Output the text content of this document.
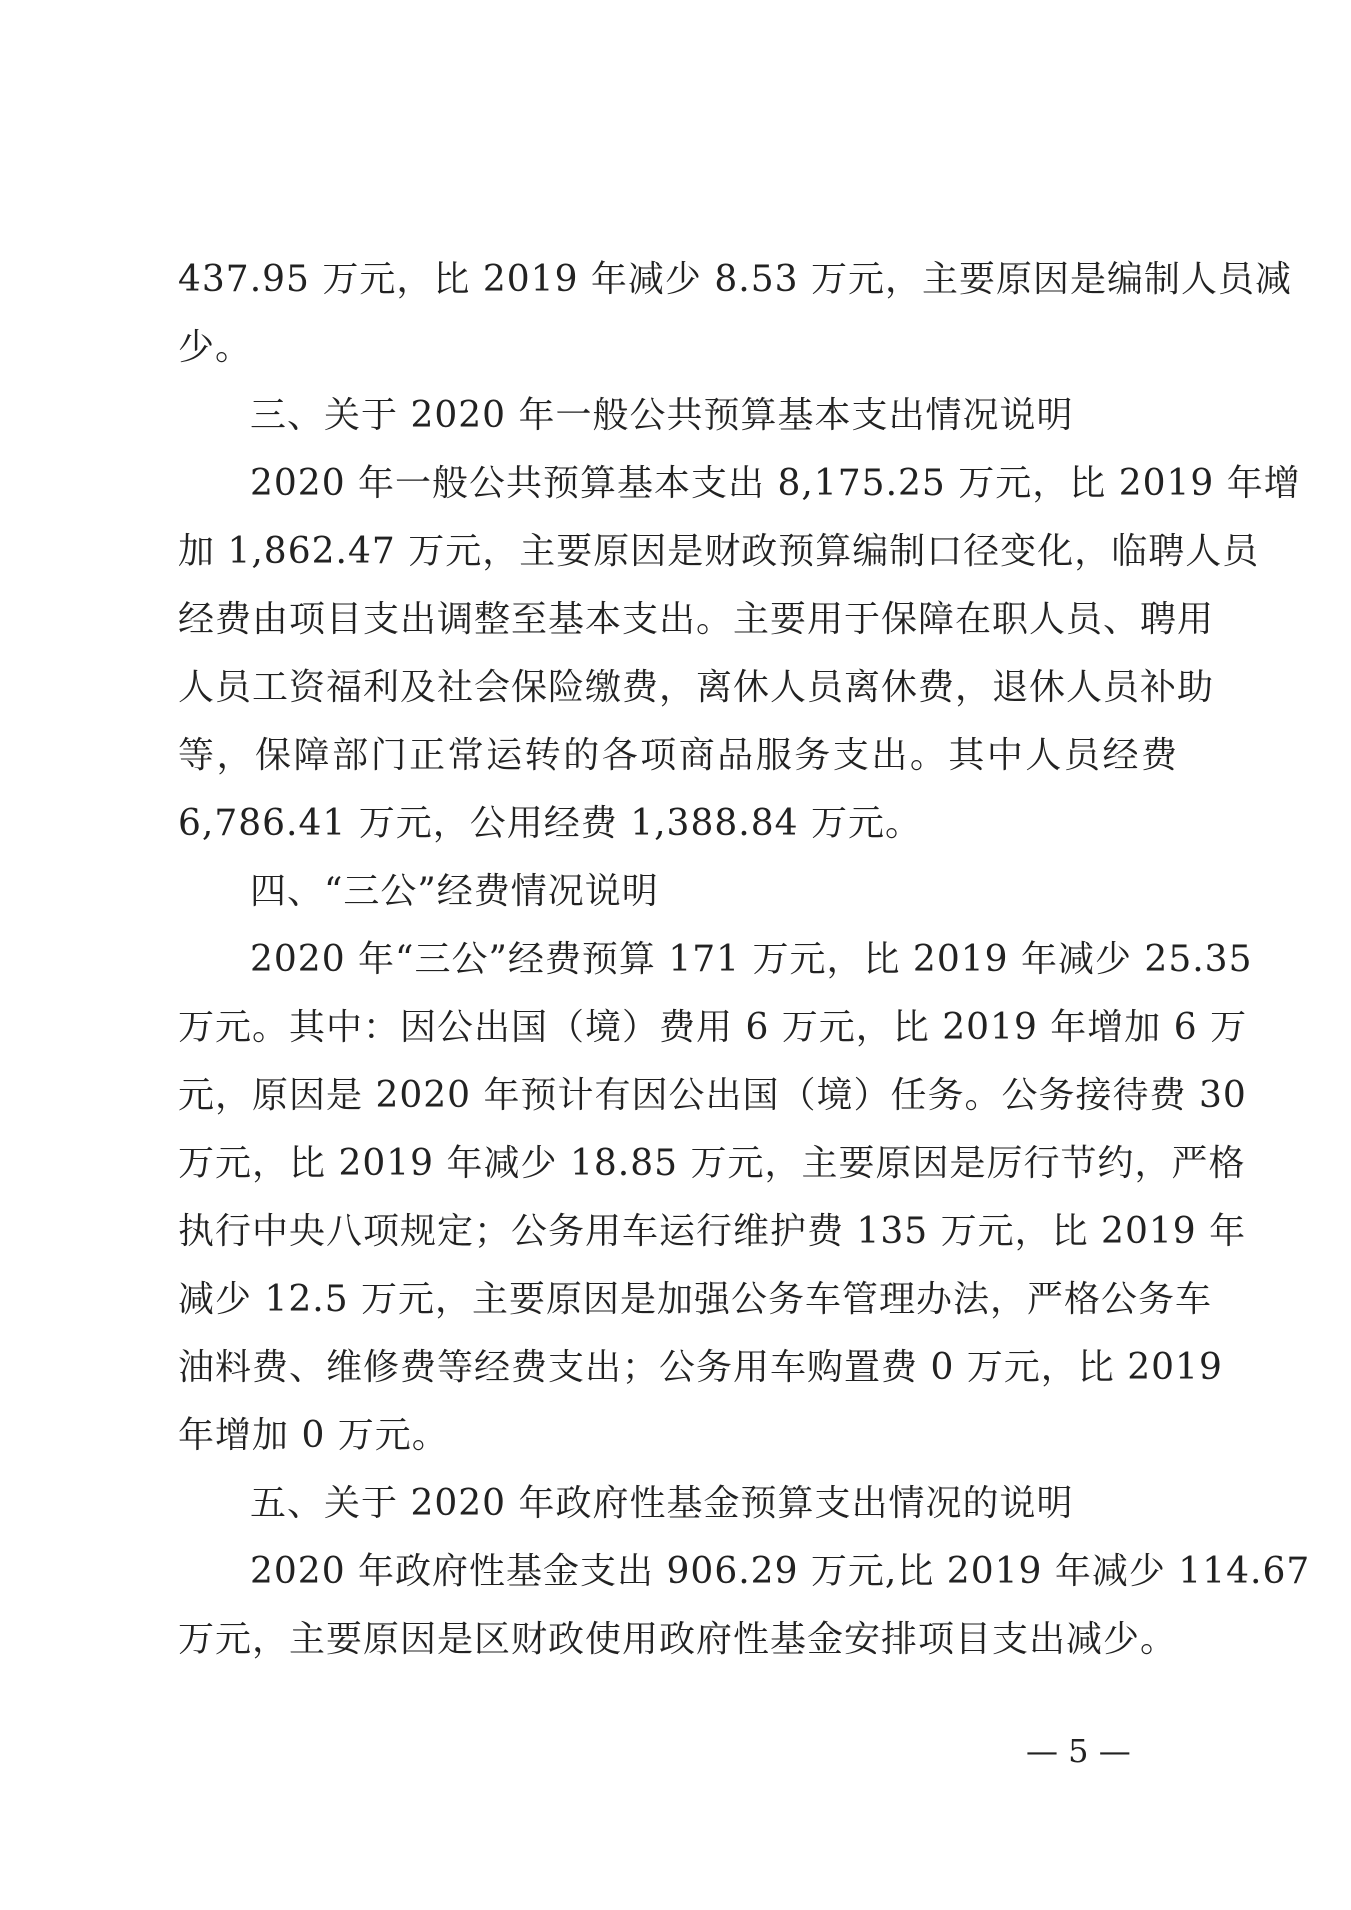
437.95 万元，比 2019 年减少 8.53 万元，主要原因是编制人员减
少。
三、关于 2020 年一般公共预算基本支出情况说明
2020 年一般公共预算基本支出 8,175.25 万元，比 2019 年增
加 1,862.47 万元，主要原因是财政预算编制口径变化，临聘人员
经费由项目支出调整至基本支出。主要用于保障在职人员、聘用
人员工资福利及社会保险缴费，离休人员离休费，退休人员补助
等，保障部门正常运转的各项商品服务支出。其中人员经费
6,786.41 万元，公用经费 1,388.84 万元。
四、“三公”经费情况说明
2020 年“三公”经费预算 171 万元，比 2019 年减少 25.35
万元。其中：因公出国（境）费用 6 万元，比 2019 年增加 6 万
元，原因是 2020 年预计有因公出国（境）任务。公务接待费 30
万元，比 2019 年减少 18.85 万元，主要原因是厉行节约，严格
执行中央八项规定；公务用车运行维护费 135 万元，比 2019 年
减少 12.5 万元，主要原因是加强公务车管理办法，严格公务车
油料费、维修费等经费支出；公务用车购置费 0 万元，比 2019
年增加 0 万元。
五、关于 2020 年政府性基金预算支出情况的说明
2020 年政府性基金支出 906.29 万元,比 2019 年减少 114.67
万元，主要原因是区财政使用政府性基金安排项目支出减少。
— 5 —
